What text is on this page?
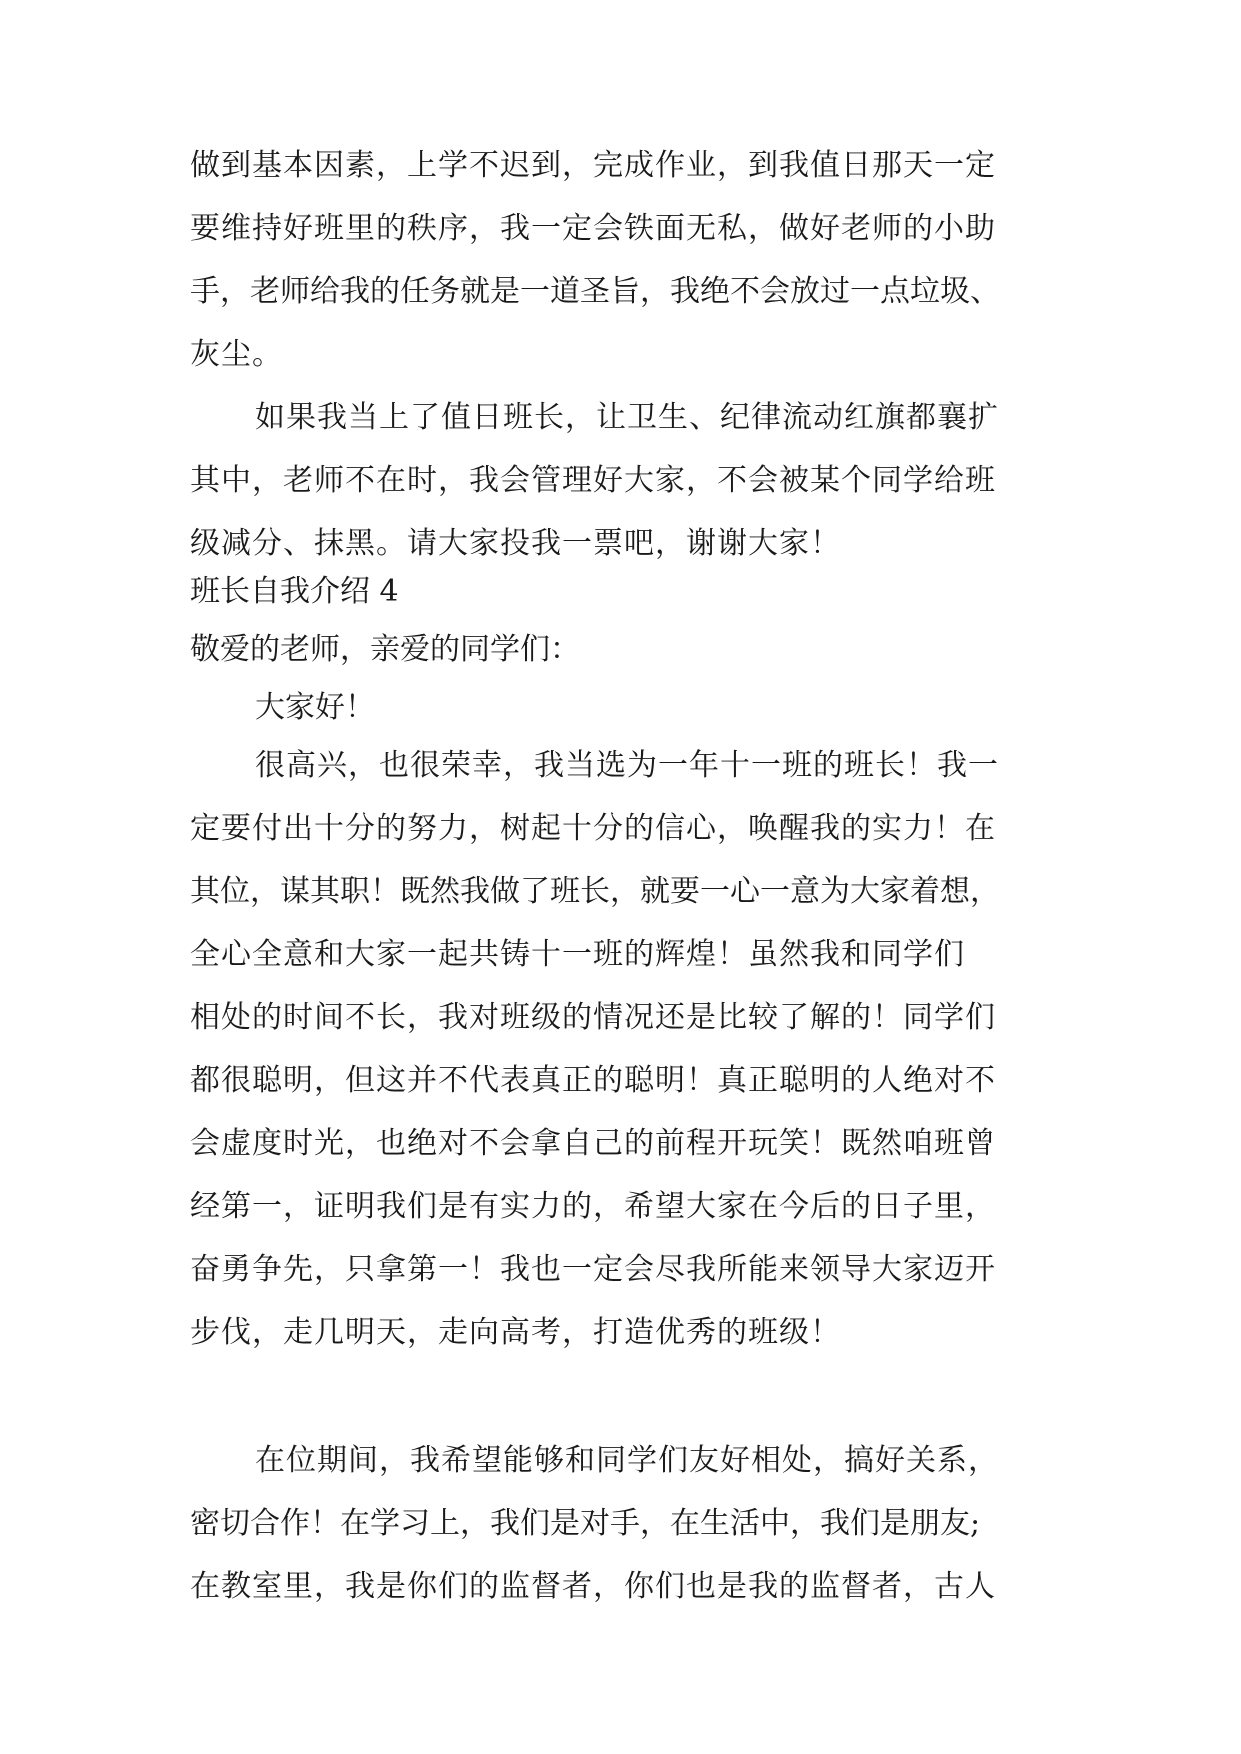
做到基本因素，上学不迟到，完成作业，到我值日那天一定
要维持好班里的秩序，我一定会铁面无私，做好老师的小助
手，老师给我的任务就是一道圣旨，我绝不会放过一点垃圾、
灰尘。
如果我当上了值日班长，让卫生、纪律流动红旗都襄扩
其中，老师不在时，我会管理好大家，不会被某个同学给班
级减分、抹黑。请大家投我一票吧，谢谢大家！
班长自我介绍 4
敬爱的老师，亲爱的同学们：
大家好！
很高兴，也很荣幸，我当选为一年十一班的班长！我一
定要付出十分的努力，树起十分的信心，唤醒我的实力！在
其位，谋其职！既然我做了班长，就要一心一意为大家着想，
全心全意和大家一起共铸十一班的辉煌！虽然我和同学们
相处的时间不长，我对班级的情况还是比较了解的！同学们
都很聪明，但这并不代表真正的聪明！真正聪明的人绝对不
会虚度时光，也绝对不会拿自己的前程开玩笑！既然咱班曾
经第一，证明我们是有实力的，希望大家在今后的日子里，
奋勇争先，只拿第一！我也一定会尽我所能来领导大家迈开
步伐，走几明天，走向高考，打造优秀的班级！
在位期间，我希望能够和同学们友好相处，搞好关系，
密切合作！在学习上，我们是对手，在生活中，我们是朋友;
在教室里，我是你们的监督者，你们也是我的监督者，古人
